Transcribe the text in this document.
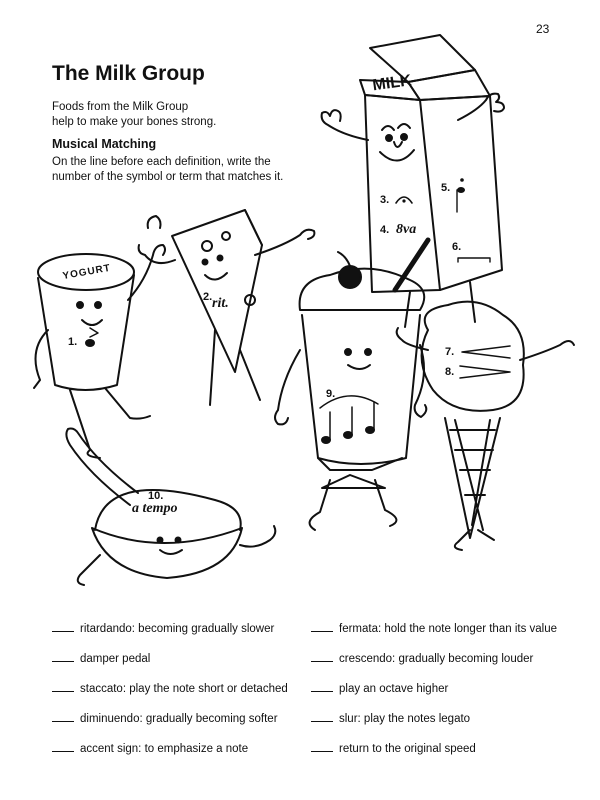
23
The Milk Group
Foods from the Milk Group
help to make your bones strong.
Musical Matching
On the line before each definition, write the
number of the symbol or term that matches it.
MILK
YOGURT
1.
2. rit.
3.
4. 8va
5.
6.
7.
8.
9.
10.
a tempo
ritardando: becoming gradually slower
damper pedal
staccato: play the note short or detached
diminuendo: gradually becoming softer
accent sign: to emphasize a note
fermata: hold the note longer than its value
crescendo: gradually becoming louder
play an octave higher
slur: play the notes legato
return to the original speed
